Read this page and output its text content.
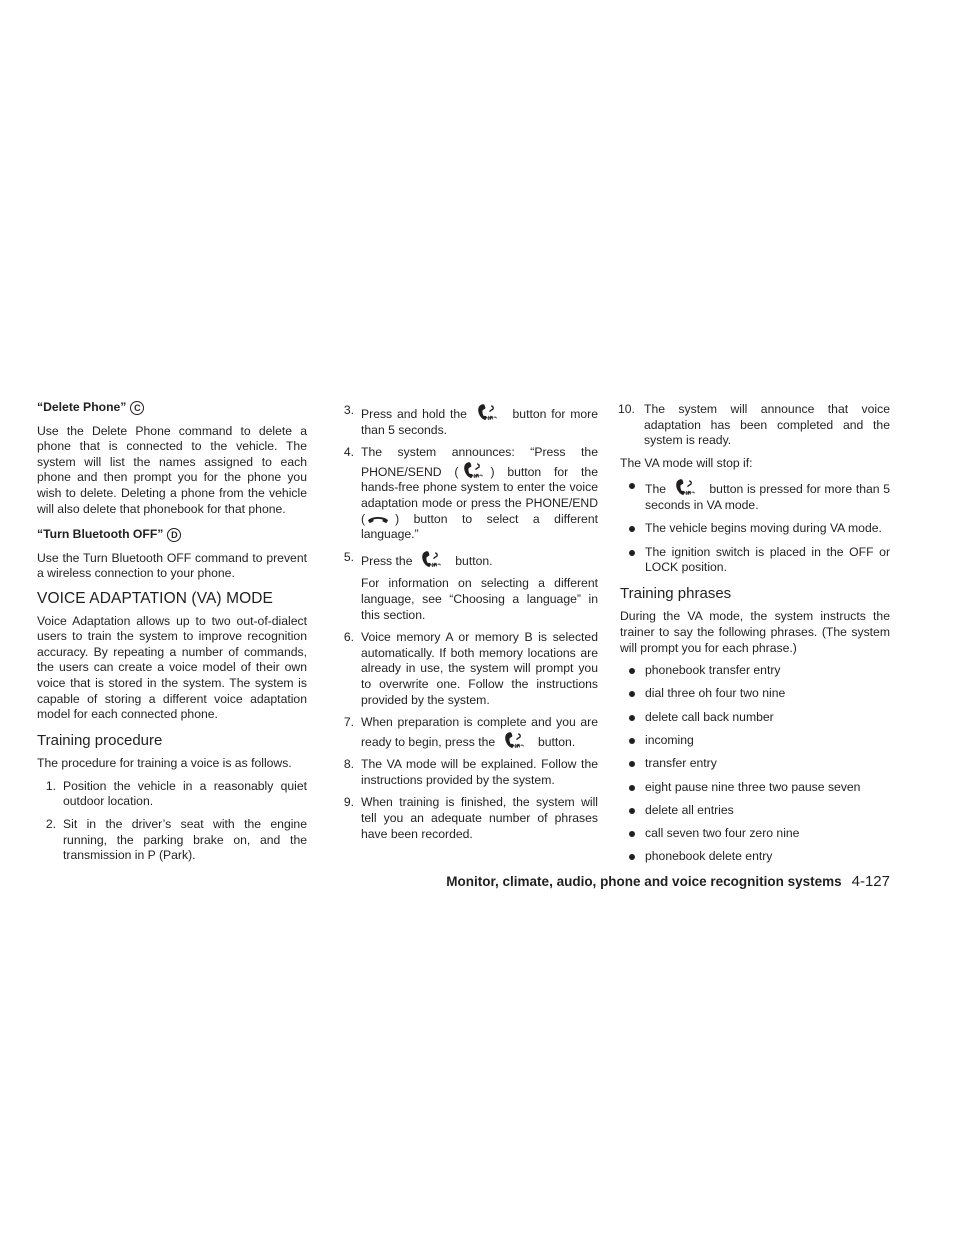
“Delete Phone” C

Use the Delete Phone command to delete a phone that is connected to the vehicle. The system will list the names assigned to each phone and then prompt you for the phone you wish to delete. Deleting a phone from the vehicle will also delete that phonebook for that phone.

“Turn Bluetooth OFF” D

Use the Turn Bluetooth OFF command to prevent a wireless connection to your phone.

VOICE ADAPTATION (VA) MODE

Voice Adaptation allows up to two out-of-dialect users to train the system to improve recognition accuracy. By repeating a number of commands, the users can create a voice model of their own voice that is stored in the system. The system is capable of storing a different voice adaptation model for each connected phone.

Training procedure

The procedure for training a voice is as follows.

1. Position the vehicle in a reasonably quiet outdoor location.
2. Sit in the driver’s seat with the engine running, the parking brake on, and the transmission in P (Park).
3. Press and hold the	button for more than 5 seconds.
4. The system announces: “Press the PHONE/SEND (	) button for the hands-free phone system to enter the voice adaptation mode or press the PHONE/END ( ) button to select a different language.”
5. Press the	button.

For information on selecting a different language, see “Choosing a language” in this section.

6. Voice memory A or memory B is selected automatically. If both memory locations are already in use, the system will prompt you to overwrite one. Follow the instructions provided by the system.
7. When preparation is complete and you are ready to begin, press the	button.
8. The VA mode will be explained. Follow the instructions provided by the system.
9. When training is finished, the system will tell you an adequate number of phrases have been recorded.
10. The system will announce that voice adaptation has been completed and the system is ready.

The VA mode will stop if:

The	button is pressed for more than 5 seconds in VA mode.
The vehicle begins moving during VA mode.
The ignition switch is placed in the OFF or LOCK position.
Training phrases

During the VA mode, the system instructs the trainer to say the following phrases. (The system will prompt you for each phrase.)

phonebook transfer entry
dial three oh four two nine
delete call back number
incoming
transfer entry
eight pause nine three two pause seven
delete all entries
call seven two four zero nine
phonebook delete entry
Monitor, climate, audio, phone and voice recognition systems 4-127
